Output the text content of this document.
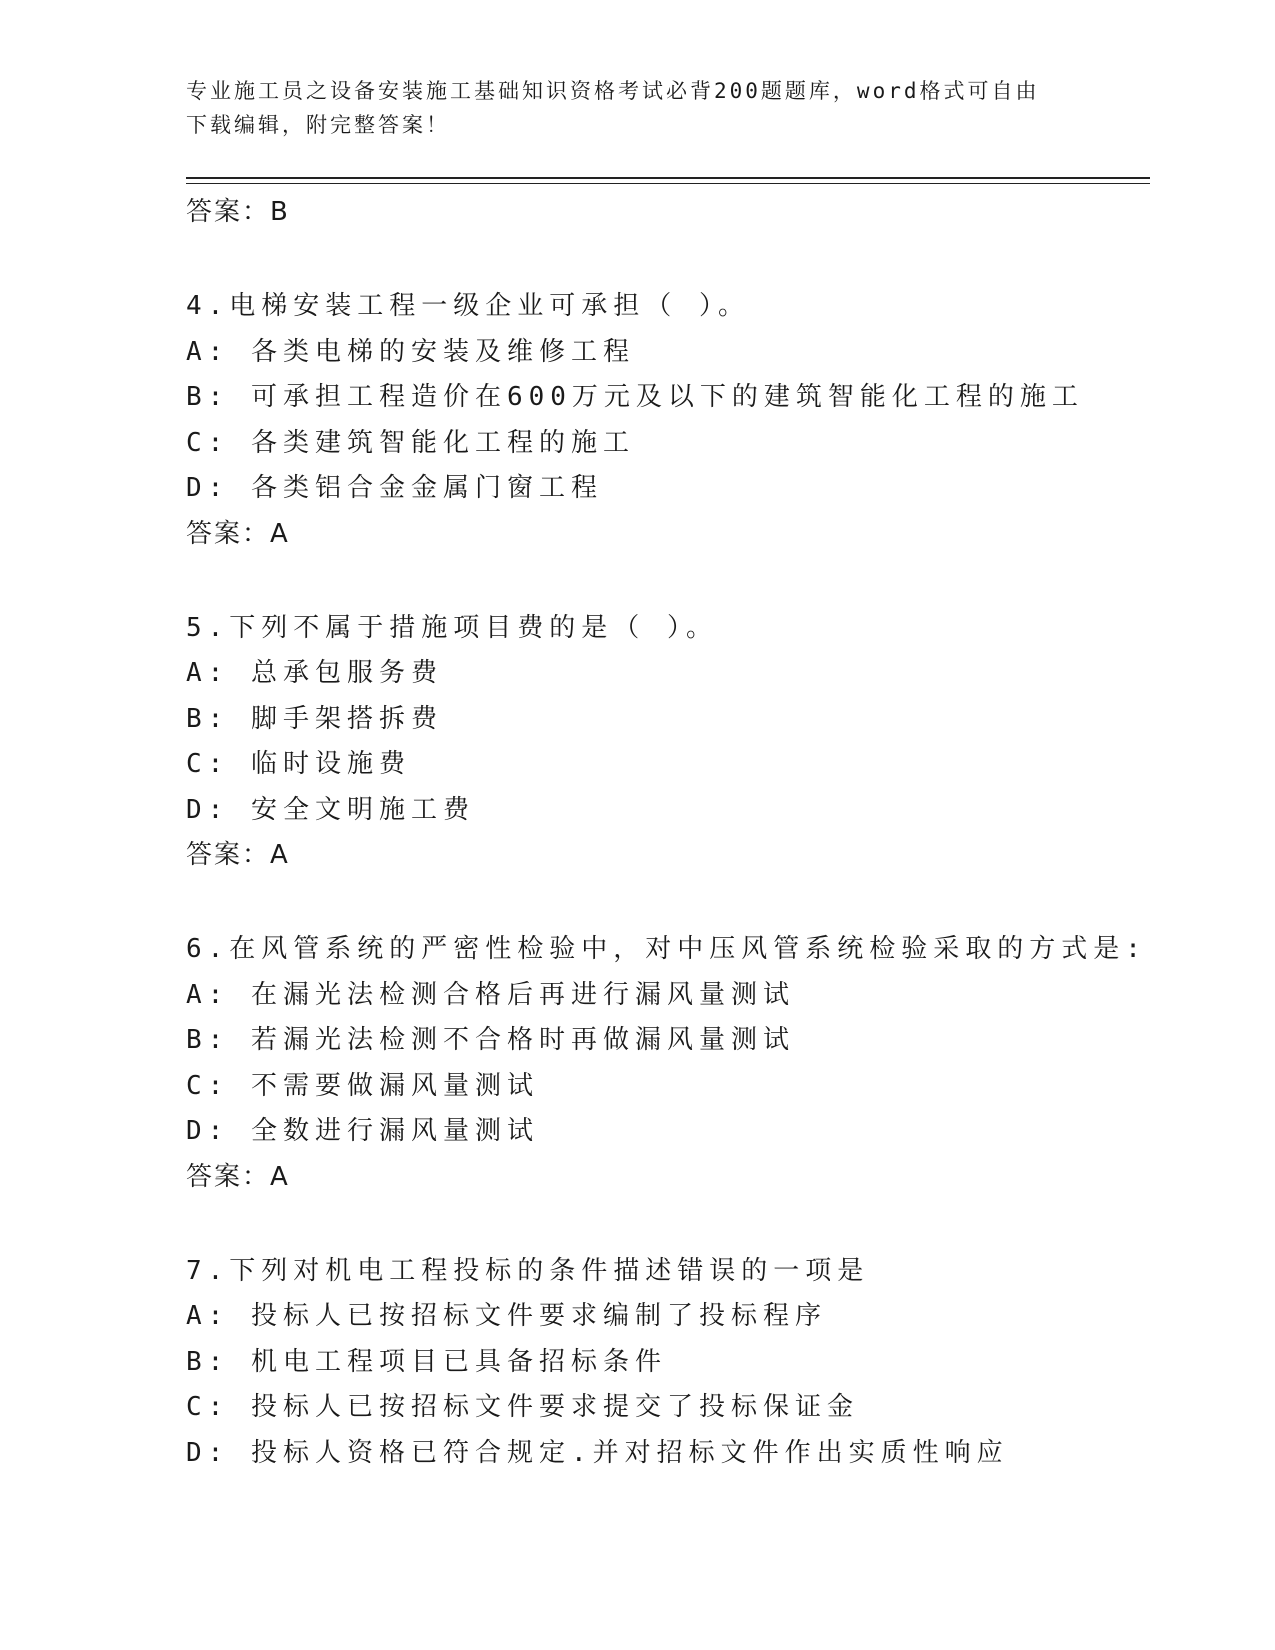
专业施工员之设备安装施工基础知识资格考试必背200题题库，word格式可自由
下载编辑，附完整答案！
答案：B
4.电梯安装工程一级企业可承担（ ）。
A: 各类电梯的安装及维修工程
B: 可承担工程造价在600万元及以下的建筑智能化工程的施工
C: 各类建筑智能化工程的施工
D: 各类铝合金金属门窗工程
答案：A
5.下列不属于措施项目费的是（ ）。
A: 总承包服务费
B: 脚手架搭拆费
C: 临时设施费
D: 安全文明施工费
答案：A
6.在风管系统的严密性检验中，对中压风管系统检验采取的方式是:
A: 在漏光法检测合格后再进行漏风量测试
B: 若漏光法检测不合格时再做漏风量测试
C: 不需要做漏风量测试
D: 全数进行漏风量测试
答案：A
7.下列对机电工程投标的条件描述错误的一项是
A: 投标人已按招标文件要求编制了投标程序
B: 机电工程项目已具备招标条件
C: 投标人已按招标文件要求提交了投标保证金
D: 投标人资格已符合规定.并对招标文件作出实质性响应
